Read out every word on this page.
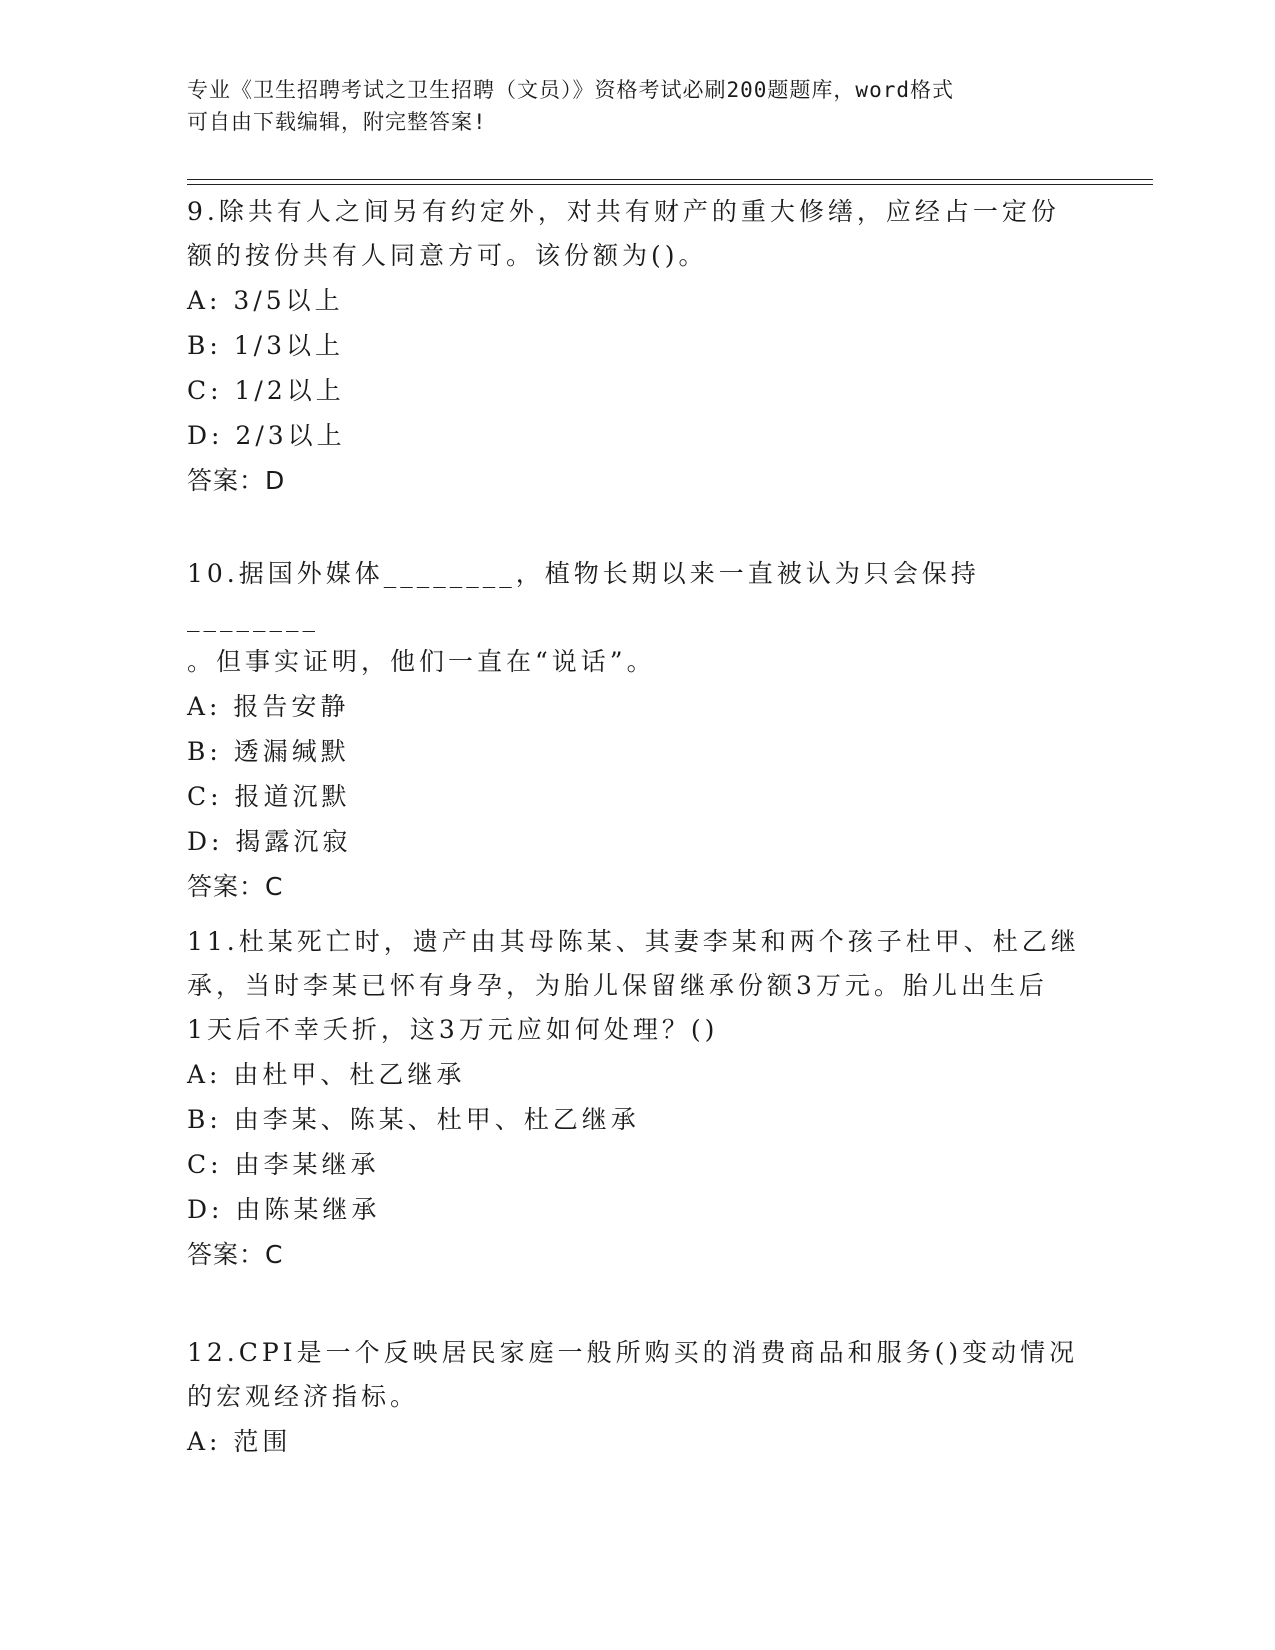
专业《卫生招聘考试之卫生招聘（文员）》资格考试必刷200题题库，word格式
可自由下载编辑，附完整答案!
9.除共有人之间另有约定外，对共有财产的重大修缮，应经占一定份
额的按份共有人同意方可。该份额为()。
A: 3/5以上
B: 1/3以上
C: 1/2以上
D: 2/3以上
答案：D
10.据国外媒体________，植物长期以来一直被认为只会保持________
。但事实证明，他们一直在“说话”。
A: 报告安静
B: 透漏缄默
C: 报道沉默
D: 揭露沉寂
答案：C
11.杜某死亡时，遗产由其母陈某、其妻李某和两个孩子杜甲、杜乙继
承，当时李某已怀有身孕，为胎儿保留继承份额3万元。胎儿出生后
1天后不幸夭折，这3万元应如何处理？()
A: 由杜甲、杜乙继承
B: 由李某、陈某、杜甲、杜乙继承
C: 由李某继承
D: 由陈某继承
答案：C
12.CPI是一个反映居民家庭一般所购买的消费商品和服务()变动情况
的宏观经济指标。
A: 范围
